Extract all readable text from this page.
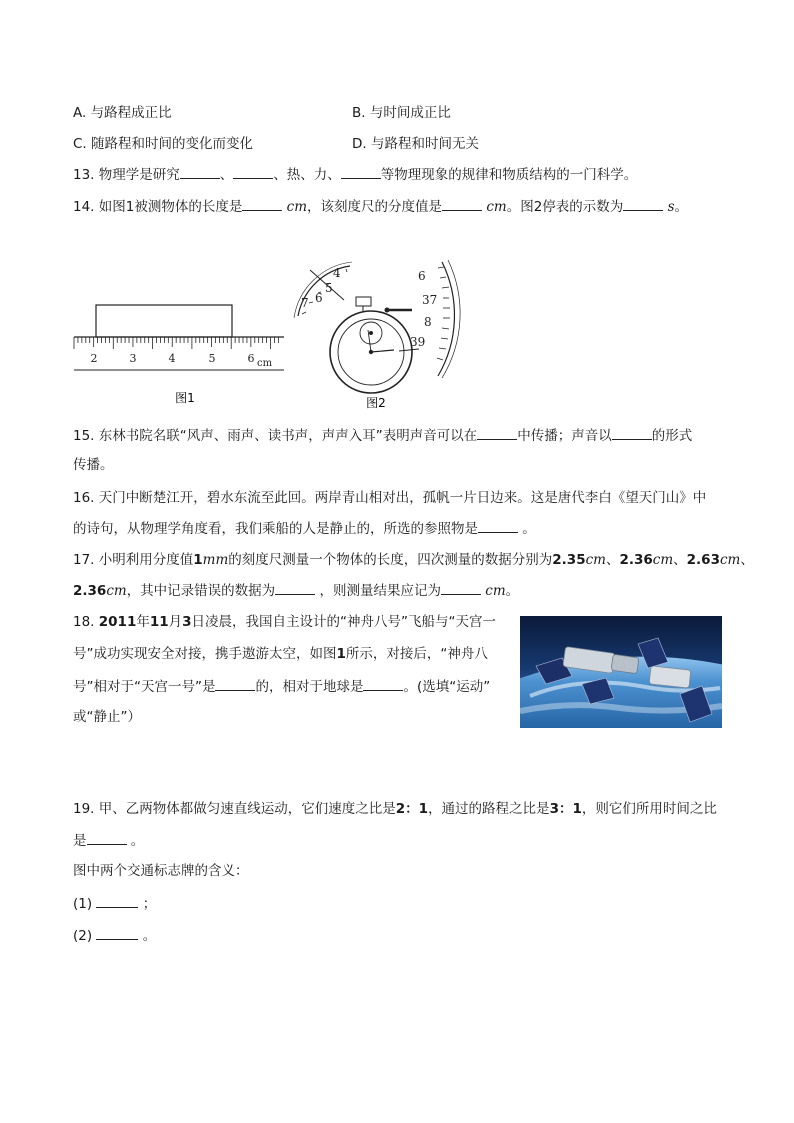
A. 与路程成正比	B. 与时间成正比
C. 随路程和时间的变化而变化	D. 与路程和时间无关
13. 物理学是研究	、	、热、力、	等物理现象的规律和物质结构的一门科学。
14. 如图1被测物体的长度是	cm，该刻度尺的分度值是	cm。图2停表的示数为	s。
2	3	4	5	6 cm
图1
4
5
6
7
6
37
8
39
图2
15. 东林书院名联“风声、雨声、读书声，声声入耳”表明声音可以在	中传播；声音以	的形式
传播。
16. 天门中断楚江开，碧水东流至此回。两岸青山相对出，孤帆一片日边来。这是唐代李白《望天门山》中
的诗句，从物理学角度看，我们乘船的人是静止的，所选的参照物是	。
17. 小明利用分度值1mm的刻度尺测量一个物体的长度，四次测量的数据分别为2.35cm、2.36cm、2.63cm、
2.36cm，其中记录错误的数据为	，则测量结果应记为	cm。
18. 2011年11月3日凌晨，我国自主设计的“神舟八号”飞船与“天宫一
号”成功实现安全对接，携手遨游太空，如图1所示，对接后，“神舟八
号”相对于“天宫一号”是	的，相对于地球是	。(选填“运动”
或“静止”）
19. 甲、乙两物体都做匀速直线运动，它们速度之比是2：1，通过的路程之比是3：1，则它们所用时间之比
是	。
图中两个交通标志牌的含义：
(1)	；
(2)	。
